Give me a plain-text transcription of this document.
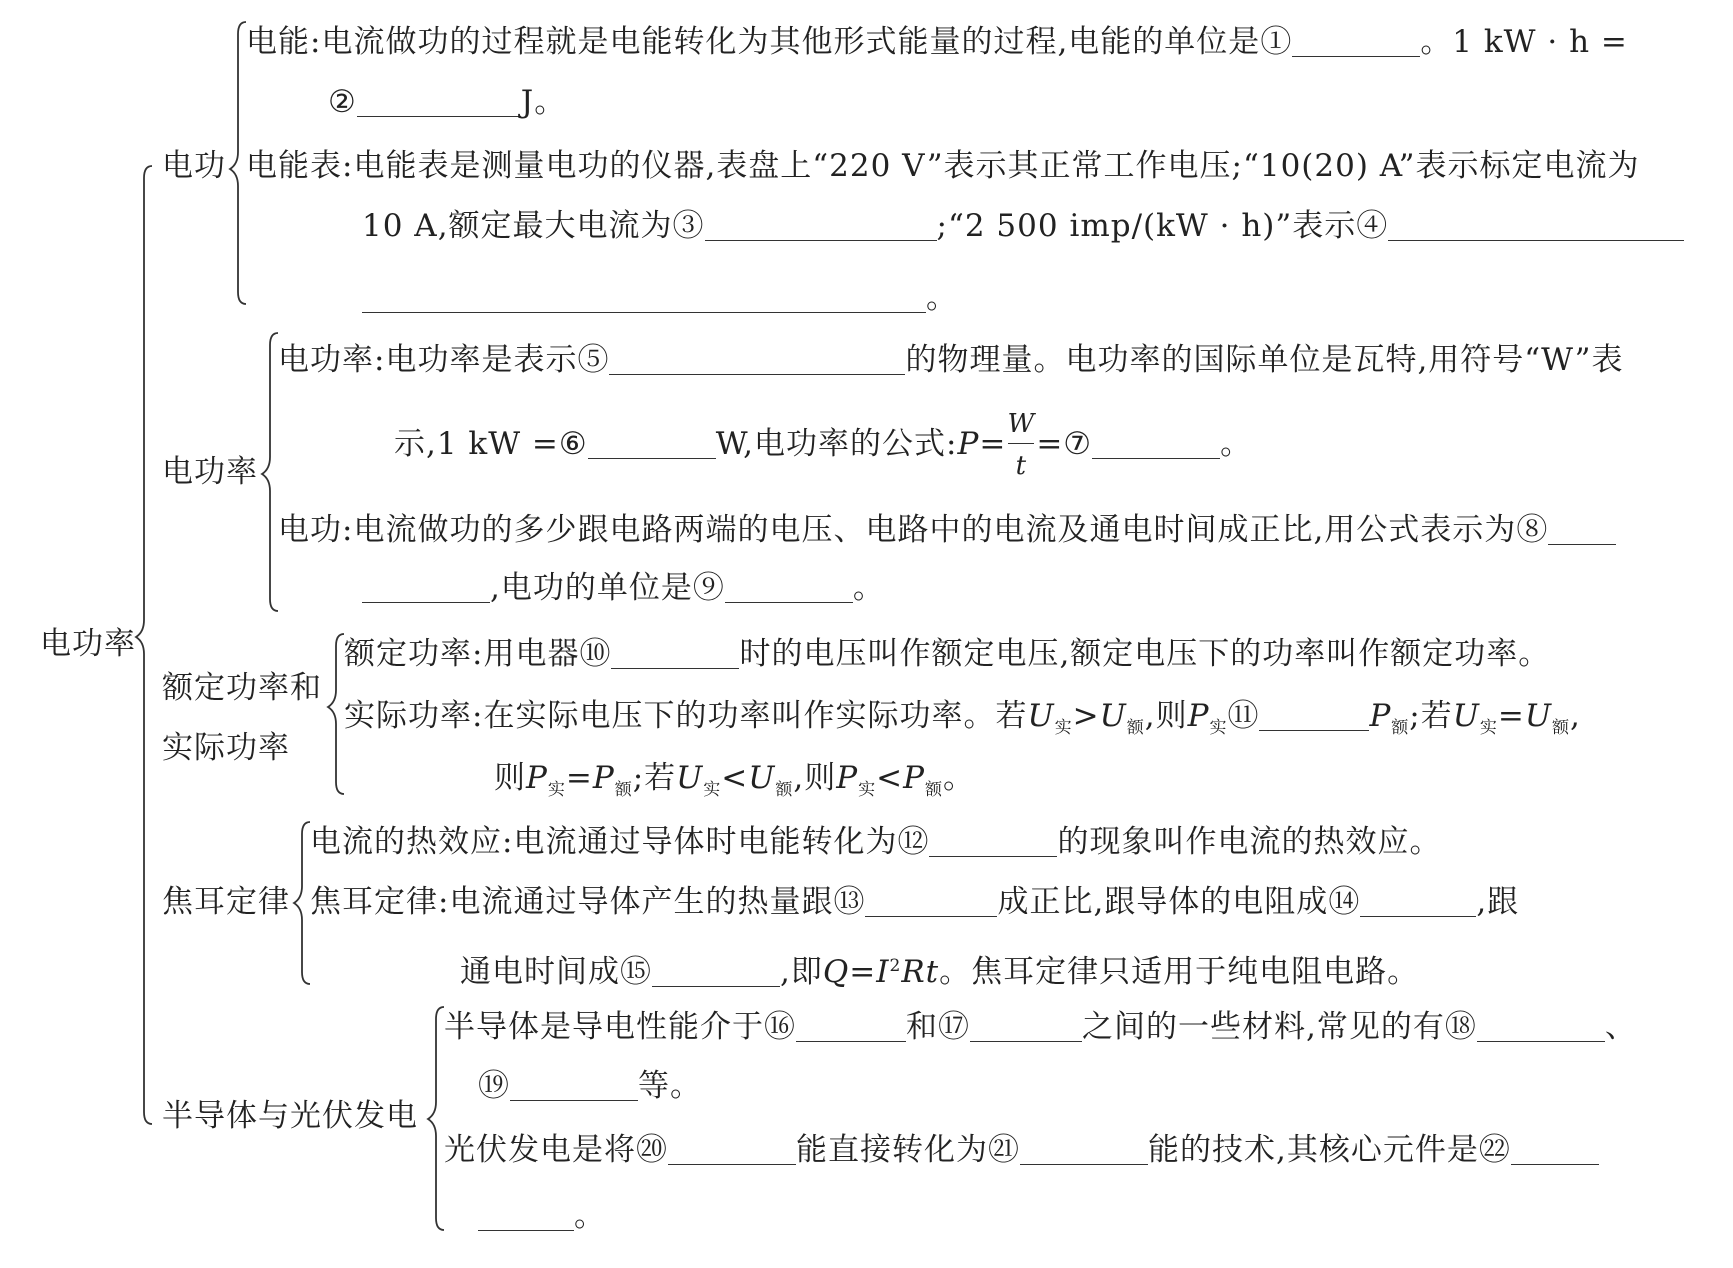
电功率
电功
电功率
额定功率和
实际功率
焦耳定律
半导体与光伏发电
电能:电流做功的过程就是电能转化为其他形式能量的过程,电能的单位是①	。1 kW · h =
②	J。
电能表:电能表是测量电功的仪器,表盘上“220 V”表示其正常工作电压;“10(20) A”表示标定电流为
10 A,额定最大电流为③	;“2 500 imp/(kW · h)”表示④
。
电功率:电功率是表示⑤	的物理量。电功率的国际单位是瓦特,用符号“W”表
示,1 kW =⑥	W,电功率的公式:P= $\frac{W}{t}$ =⑦	。
电功:电流做功的多少跟电路两端的电压、电路中的电流及通电时间成正比,用公式表示为⑧
,电功的单位是⑨	。
额定功率:用电器⑩	时的电压叫作额定电压,额定电压下的功率叫作额定功率。
实际功率:在实际电压下的功率叫作实际功率。若$U_实>U_额$,则$P_实⑪$	$P_额$;若$U_实=U_额$,
则$P_实=P_额$;若$U_实<U_额$,则$P_实<P_额$。
电流的热效应:电流通过导体时电能转化为⑫	的现象叫作电流的热效应。
焦耳定律:电流通过导体产生的热量跟⑬	成正比,跟导体的电阻成⑭	,跟
通电时间成⑮	,即$Q=I^2Rt$。焦耳定律只适用于纯电阻电路。
半导体是导电性能介于⑯	和⑰	之间的一些材料,常见的有⑱	、
⑲	等。
光伏发电是将⑳	能直接转化为㉑	能的技术,其核心元件是㉒
。
